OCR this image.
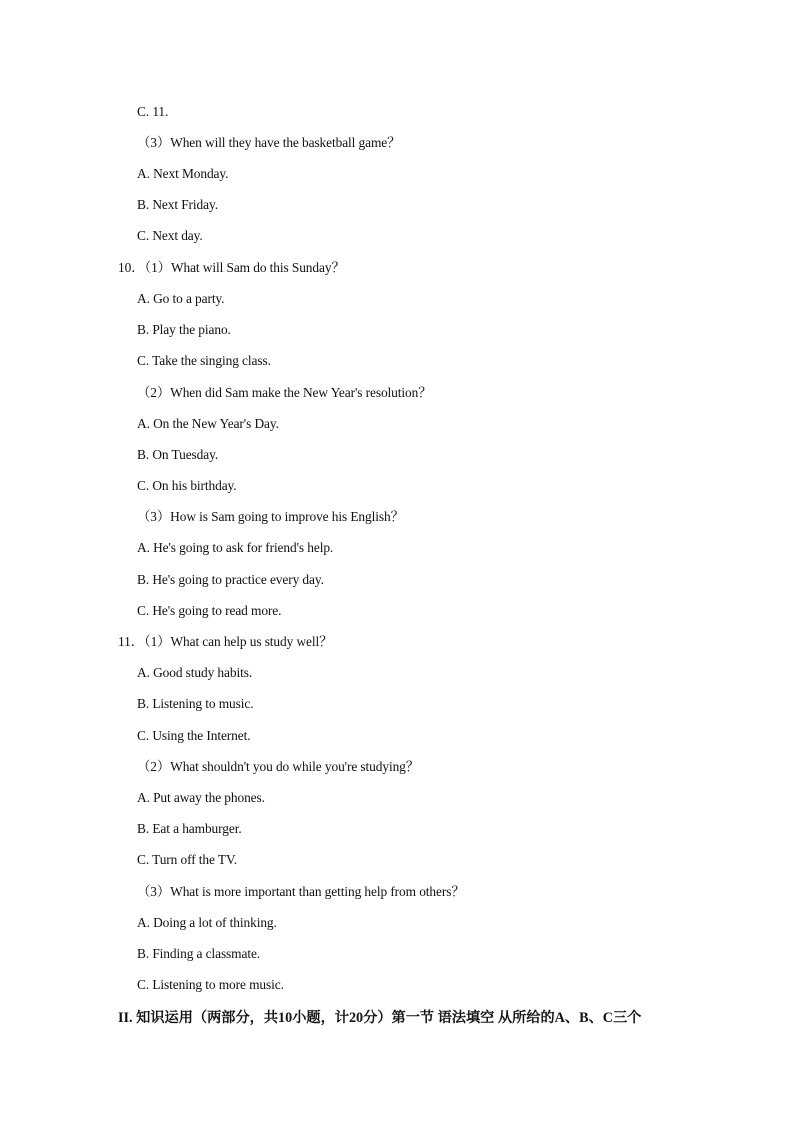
C. 11.
（3）When will they have the basketball game？
A. Next Monday.
B. Next Friday.
C. Next day.
10．（1）What will Sam do this Sunday？
A. Go to a party.
B. Play the piano.
C. Take the singing class.
（2）When did Sam make the New Year's resolution？
A. On the New Year's Day.
B. On Tuesday.
C. On his birthday.
（3）How is Sam going to improve his English？
A. He's going to ask for friend's help.
B. He's going to practice every day.
C. He's going to read more.
11．（1）What can help us study well？
A. Good study habits.
B. Listening to music.
C. Using the Internet.
（2）What shouldn't you do while you're studying？
A. Put away the phones.
B. Eat a hamburger.
C. Turn off the TV.
（3）What is more important than getting help from others？
A. Doing a lot of thinking.
B. Finding a classmate.
C. Listening to more music.
II. 知识运用（两部分，共10小题，计20分）第一节 语法填空 从所给的A、B、C三个
